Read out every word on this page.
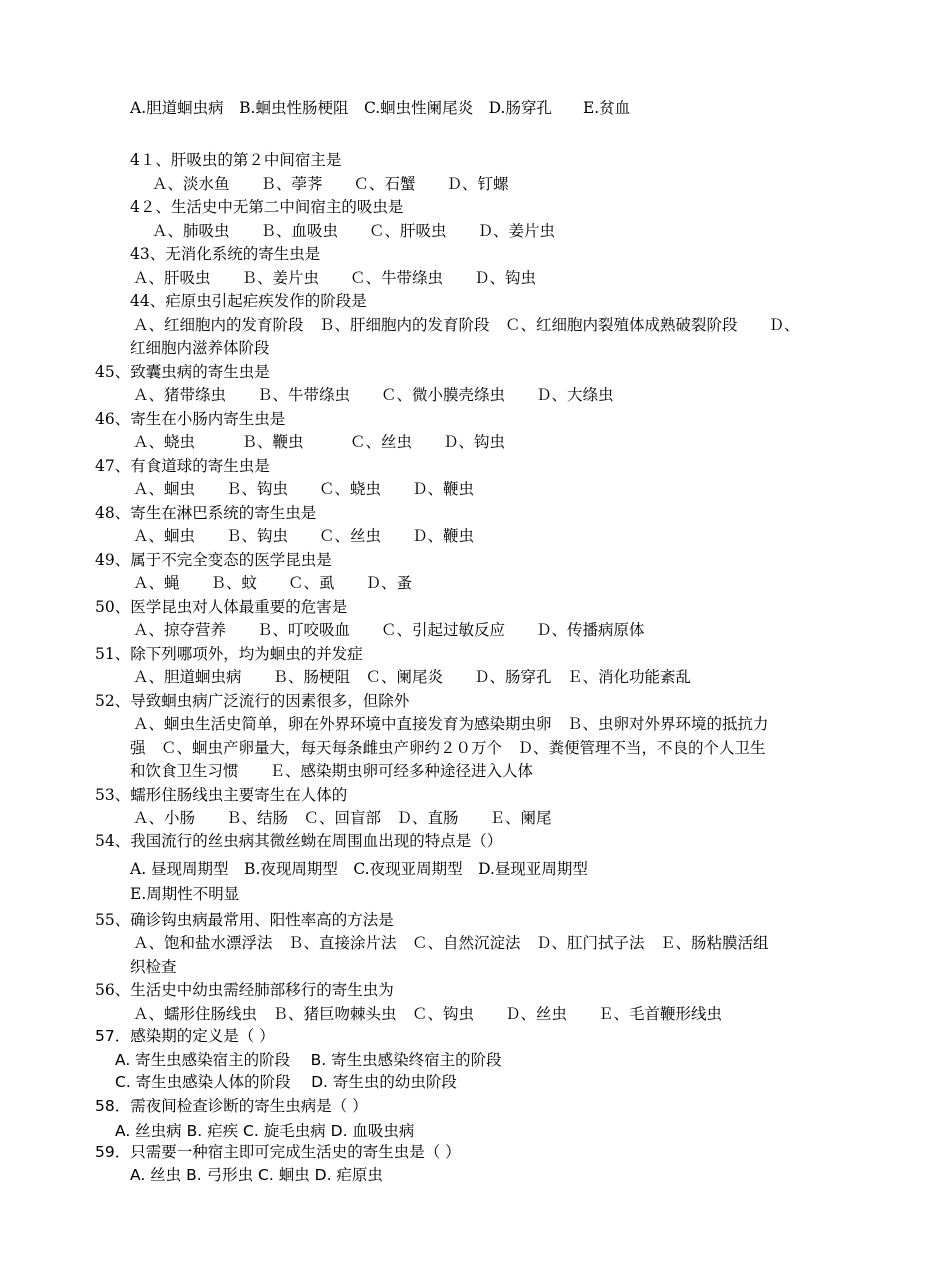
A.胆道蛔虫病　B.蛔虫性肠梗阻　C.蛔虫性阑尾炎　D.肠穿孔　　E.贫血
4１、肝吸虫的第２中间宿主是
Ａ、淡水鱼　　Ｂ、荸荠　　Ｃ、石蟹　　Ｄ、钉螺
4２、生活史中无第二中间宿主的吸虫是
Ａ、肺吸虫　　Ｂ、血吸虫　　Ｃ、肝吸虫　　Ｄ、姜片虫
43、无消化系统的寄生虫是
Ａ、肝吸虫　　Ｂ、姜片虫　　Ｃ、牛带绦虫　　Ｄ、钩虫
44、疟原虫引起疟疾发作的阶段是
Ａ、红细胞内的发育阶段　Ｂ、肝细胞内的发育阶段　Ｃ、红细胞内裂殖体成熟破裂阶段　　Ｄ、
红细胞内滋养体阶段
45、致囊虫病的寄生虫是
Ａ、猪带绦虫　　Ｂ、牛带绦虫　　Ｃ、微小膜壳绦虫　　Ｄ、大绦虫
46、寄生在小肠内寄生虫是
Ａ、蛲虫　　　Ｂ、鞭虫　　　Ｃ、丝虫　　Ｄ、钩虫
47、有食道球的寄生虫是
Ａ、蛔虫　　Ｂ、钩虫　　Ｃ、蛲虫　　Ｄ、鞭虫
48、寄生在淋巴系统的寄生虫是
Ａ、蛔虫　　Ｂ、钩虫　　Ｃ、丝虫　　Ｄ、鞭虫
49、属于不完全变态的医学昆虫是
Ａ、蝇　　Ｂ、蚊　　Ｃ、虱　　Ｄ、蚤
50、医学昆虫对人体最重要的危害是
Ａ、掠夺营养　　Ｂ、叮咬吸血　　Ｃ、引起过敏反应　　Ｄ、传播病原体
51、除下列哪项外，均为蛔虫的并发症
Ａ、胆道蛔虫病　　Ｂ、肠梗阻　Ｃ、阑尾炎　　Ｄ、肠穿孔　Ｅ、消化功能紊乱
52、导致蛔虫病广泛流行的因素很多，但除外
Ａ、蛔虫生活史简单，卵在外界环境中直接发育为感染期虫卵　Ｂ、虫卵对外界环境的抵抗力
强　Ｃ、蛔虫产卵量大，每天每条雌虫产卵约２０万个　Ｄ、粪便管理不当，不良的个人卫生
和饮食卫生习惯　　Ｅ、感染期虫卵可经多种途径进入人体
53、蠕形住肠线虫主要寄生在人体的
Ａ、小肠　　Ｂ、结肠　Ｃ、回盲部　Ｄ、直肠　　Ｅ、阑尾
54、我国流行的丝虫病其微丝蚴在周围血出现的特点是（）
A. 昼现周期型　B.夜现周期型　C.夜现亚周期型　D.昼现亚周期型
E.周期性不明显
55、确诊钩虫病最常用、阳性率高的方法是
Ａ、饱和盐水漂浮法　Ｂ、直接涂片法　Ｃ、自然沉淀法　Ｄ、肛门拭子法　Ｅ、肠粘膜活组
织检查
56、生活史中幼虫需经肺部移行的寄生虫为
Ａ、蠕形住肠线虫　Ｂ、猪巨吻棘头虫　Ｃ、钩虫　　Ｄ、丝虫　　Ｅ、毛首鞭形线虫
57．感染期的定义是（ ）
A. 寄生虫感染宿主的阶段　 B. 寄生虫感染终宿主的阶段
C. 寄生虫感染人体的阶段　 D. 寄生虫的幼虫阶段
58．需夜间检查诊断的寄生虫病是（ ）
A. 丝虫病 B. 疟疾 C. 旋毛虫病 D. 血吸虫病
59．只需要一种宿主即可完成生活史的寄生虫是（ ）
A. 丝虫 B. 弓形虫 C. 蛔虫 D. 疟原虫
